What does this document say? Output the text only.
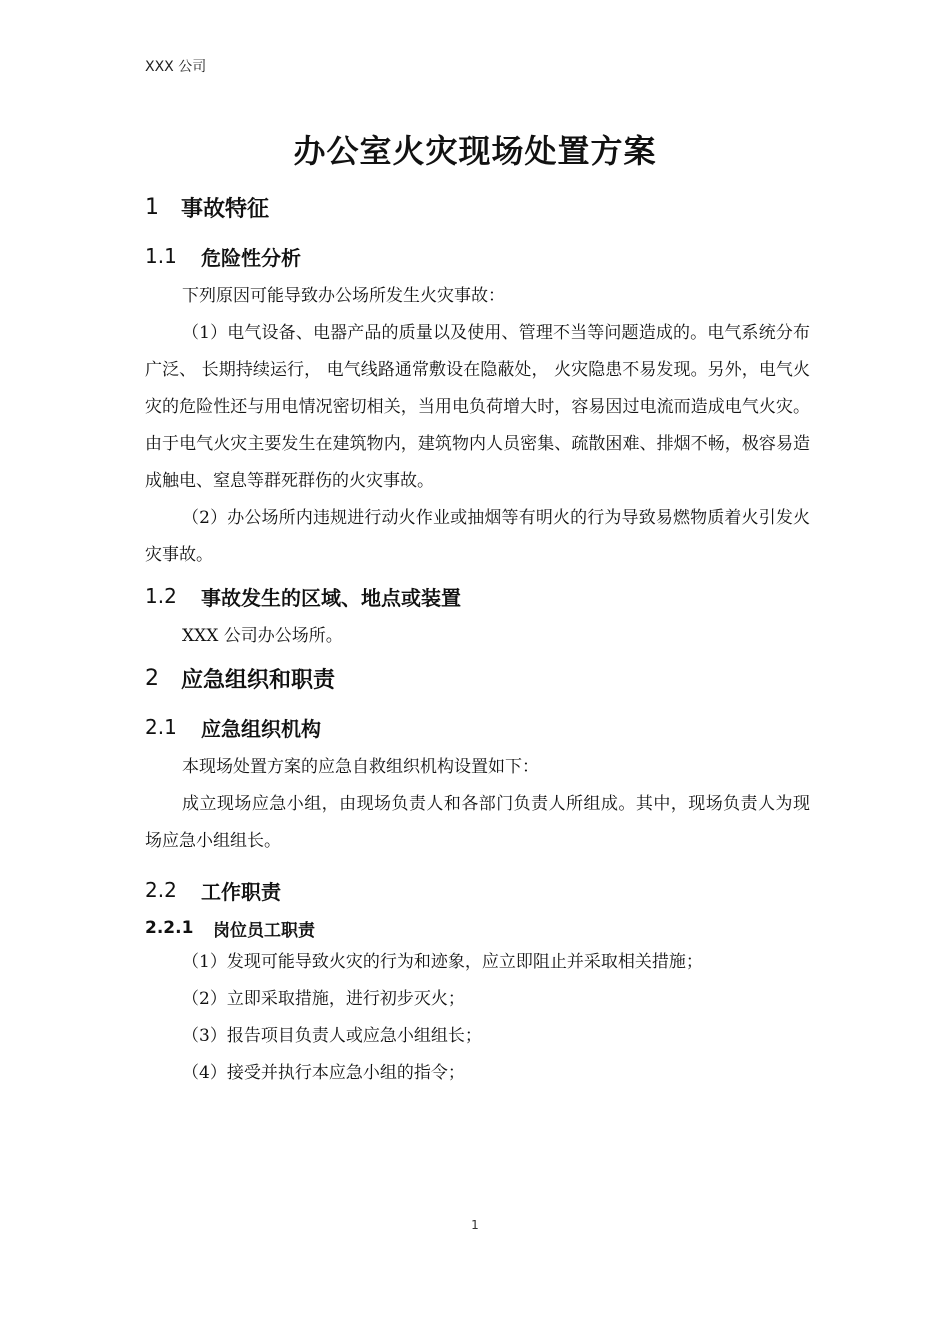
XXX 公司
办公室火灾现场处置方案
1	事故特征
1.1	危险性分析

下列原因可能导致办公场所发生火灾事故：

（1）电气设备、电器产品的质量以及使用、管理不当等问题造成的。电气系统分布广泛、 长期持续运行， 电气线路通常敷设在隐蔽处， 火灾隐患不易发现。另外，电气火灾的危险性还与用电情况密切相关，当用电负荷增大时，容易因过电流而造成电气火灾。由于电气火灾主要发生在建筑物内，建筑物内人员密集、疏散困难、排烟不畅，极容易造成触电、窒息等群死群伤的火灾事故。

（2）办公场所内违规进行动火作业或抽烟等有明火的行为导致易燃物质着火引发火灾事故。

1.2	事故发生的区域、地点或装置

XXX 公司办公场所。

2	应急组织和职责
2.1	应急组织机构

本现场处置方案的应急自救组织机构设置如下：

成立现场应急小组，由现场负责人和各部门负责人所组成。其中，现场负责人为现场应急小组组长。

2.2	工作职责
2.2.1	岗位员工职责

（1）发现可能导致火灾的行为和迹象，应立即阻止并采取相关措施；

（2）立即采取措施，进行初步灭火；

（3）报告项目负责人或应急小组组长；

（4）接受并执行本应急小组的指令；

1
